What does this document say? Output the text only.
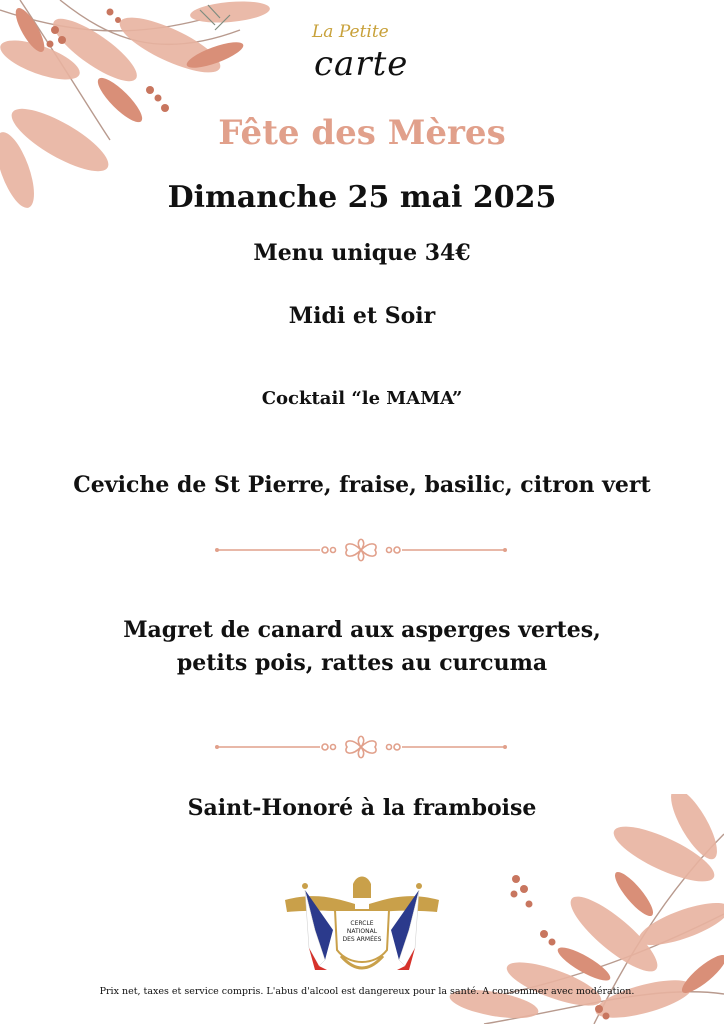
La Petite
carte
Fête des Mères
Dimanche 25 mai 2025
Menu unique 34€
Midi et Soir
Cocktail “le MAMA”
Ceviche de St Pierre, fraise, basilic, citron vert
Magret de canard aux asperges vertes,
petits pois, rattes au curcuma
Saint-Honoré à la framboise
CERCLE
NATIONAL
DES ARMÉES
Prix net, taxes et service compris. L'abus d'alcool est dangereux pour la santé. A consommer avec modération.
